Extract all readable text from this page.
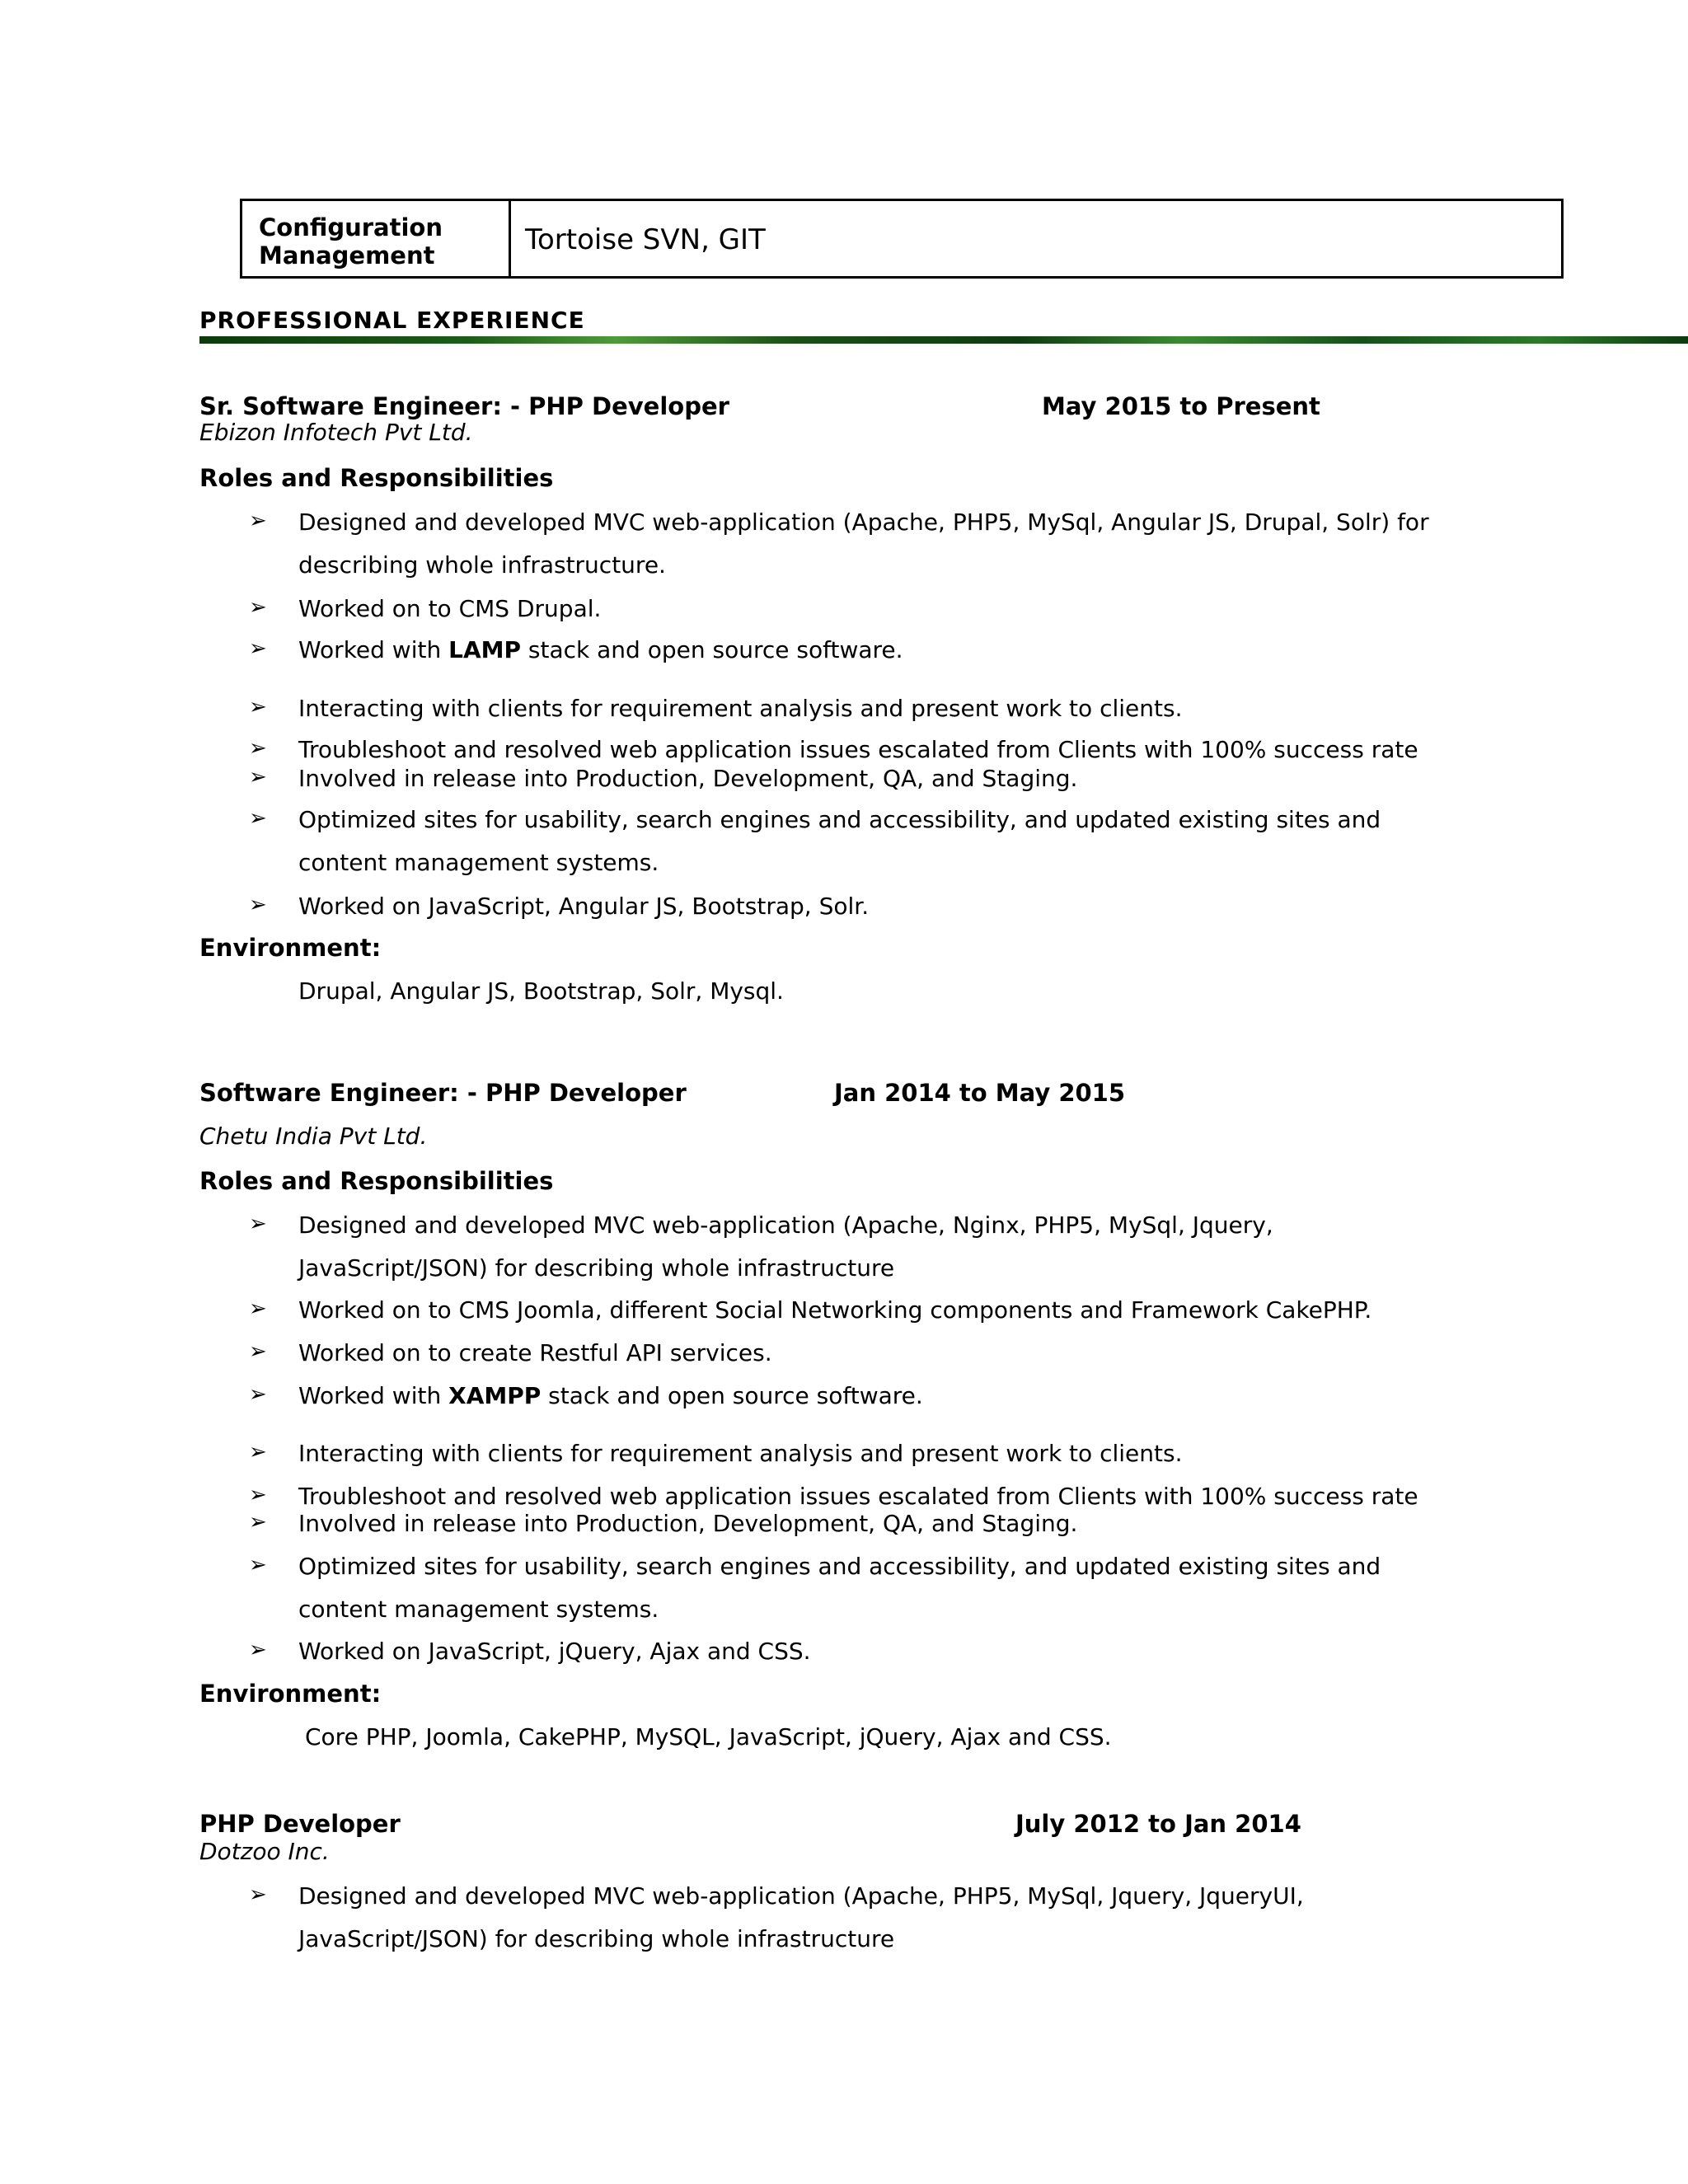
Configuration
Management	Tortoise SVN, GIT
PROFESSIONAL EXPERIENCE
Sr. Software Engineer: - PHP Developer	May 2015 to Present
Ebizon Infotech Pvt Ltd.
Roles and Responsibilities
➢ Designed and developed MVC web-application (Apache, PHP5, MySql, Angular JS, Drupal, Solr) for
describing whole infrastructure.
➢ Worked on to CMS Drupal.
➢ Worked with LAMP stack and open source software.
➢ Interacting with clients for requirement analysis and present work to clients.
➢ Troubleshoot and resolved web application issues escalated from Clients with 100% success rate
➢ Involved in release into Production, Development, QA, and Staging.
➢ Optimized sites for usability, search engines and accessibility, and updated existing sites and
content management systems.
➢ Worked on JavaScript, Angular JS, Bootstrap, Solr.
Environment:
Drupal, Angular JS, Bootstrap, Solr, Mysql.
Software Engineer: - PHP Developer	Jan 2014 to May 2015
Chetu India Pvt Ltd.
Roles and Responsibilities
➢ Designed and developed MVC web-application (Apache, Nginx, PHP5, MySql, Jquery,
JavaScript/JSON) for describing whole infrastructure
➢ Worked on to CMS Joomla, different Social Networking components and Framework CakePHP.
➢ Worked on to create Restful API services.
➢ Worked with XAMPP stack and open source software.
➢ Interacting with clients for requirement analysis and present work to clients.
➢ Troubleshoot and resolved web application issues escalated from Clients with 100% success rate
➢ Involved in release into Production, Development, QA, and Staging.
➢ Optimized sites for usability, search engines and accessibility, and updated existing sites and
content management systems.
➢ Worked on JavaScript, jQuery, Ajax and CSS.
Environment:
Core PHP, Joomla, CakePHP, MySQL, JavaScript, jQuery, Ajax and CSS.
PHP Developer	July 2012 to Jan 2014
Dotzoo Inc.
➢ Designed and developed MVC web-application (Apache, PHP5, MySql, Jquery, JqueryUI,
JavaScript/JSON) for describing whole infrastructure
